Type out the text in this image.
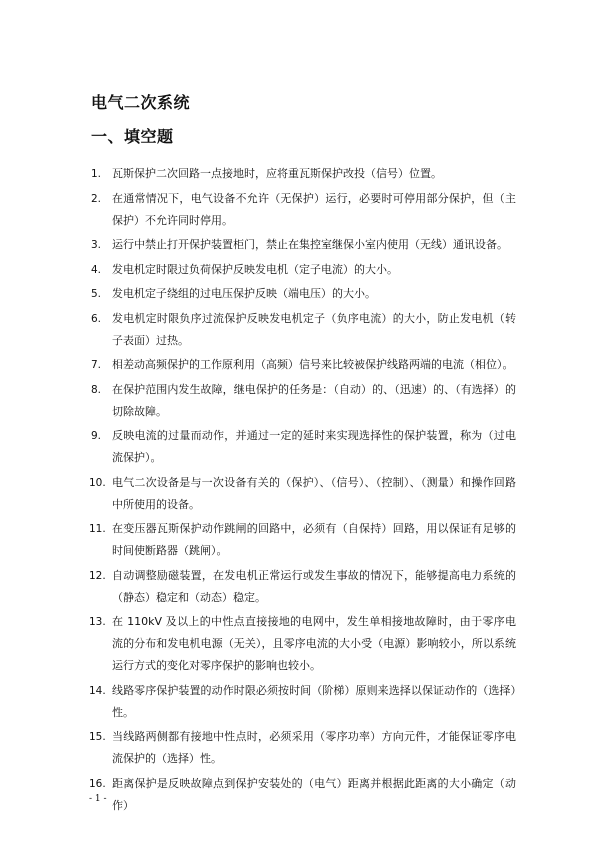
电气二次系统
一、填空题
1. 瓦斯保护二次回路一点接地时，应将重瓦斯保护改投（信号）位置。
2. 在通常情况下，电气设备不允许（无保护）运行，必要时可停用部分保护，但（主保护）不允许同时停用。
3. 运行中禁止打开保护装置柜门，禁止在集控室继保小室内使用（无线）通讯设备。
4. 发电机定时限过负荷保护反映发电机（定子电流）的大小。
5. 发电机定子绕组的过电压保护反映（端电压）的大小。
6. 发电机定时限负序过流保护反映发电机定子（负序电流）的大小，防止发电机（转子表面）过热。
7. 相差动高频保护的工作原利用（高频）信号来比较被保护线路两端的电流（相位）。
8. 在保护范围内发生故障，继电保护的任务是：（自动）的、（迅速）的、（有选择）的切除故障。
9. 反映电流的过量而动作，并通过一定的延时来实现选择性的保护装置，称为（过电流保护）。
10. 电气二次设备是与一次设备有关的（保护）、（信号）、（控制）、（测量）和操作回路中所使用的设备。
11. 在变压器瓦斯保护动作跳闸的回路中，必须有（自保持）回路，用以保证有足够的时间使断路器（跳闸）。
12. 自动调整励磁装置，在发电机正常运行或发生事故的情况下，能够提高电力系统的（静态）稳定和（动态）稳定。
13. 在 110kV 及以上的中性点直接接地的电网中，发生单相接地故障时，由于零序电流的分布和发电机电源（无关），且零序电流的大小受（电源）影响较小，所以系统运行方式的变化对零序保护的影响也较小。
14. 线路零序保护装置的动作时限必须按时间（阶梯）原则来选择以保证动作的（选择）性。
15. 当线路两侧都有接地中性点时，必须采用（零序功率）方向元件，才能保证零序电流保护的（选择）性。
16. 距离保护是反映故障点到保护安装处的（电气）距离并根据此距离的大小确定（动作）
- 1 -
